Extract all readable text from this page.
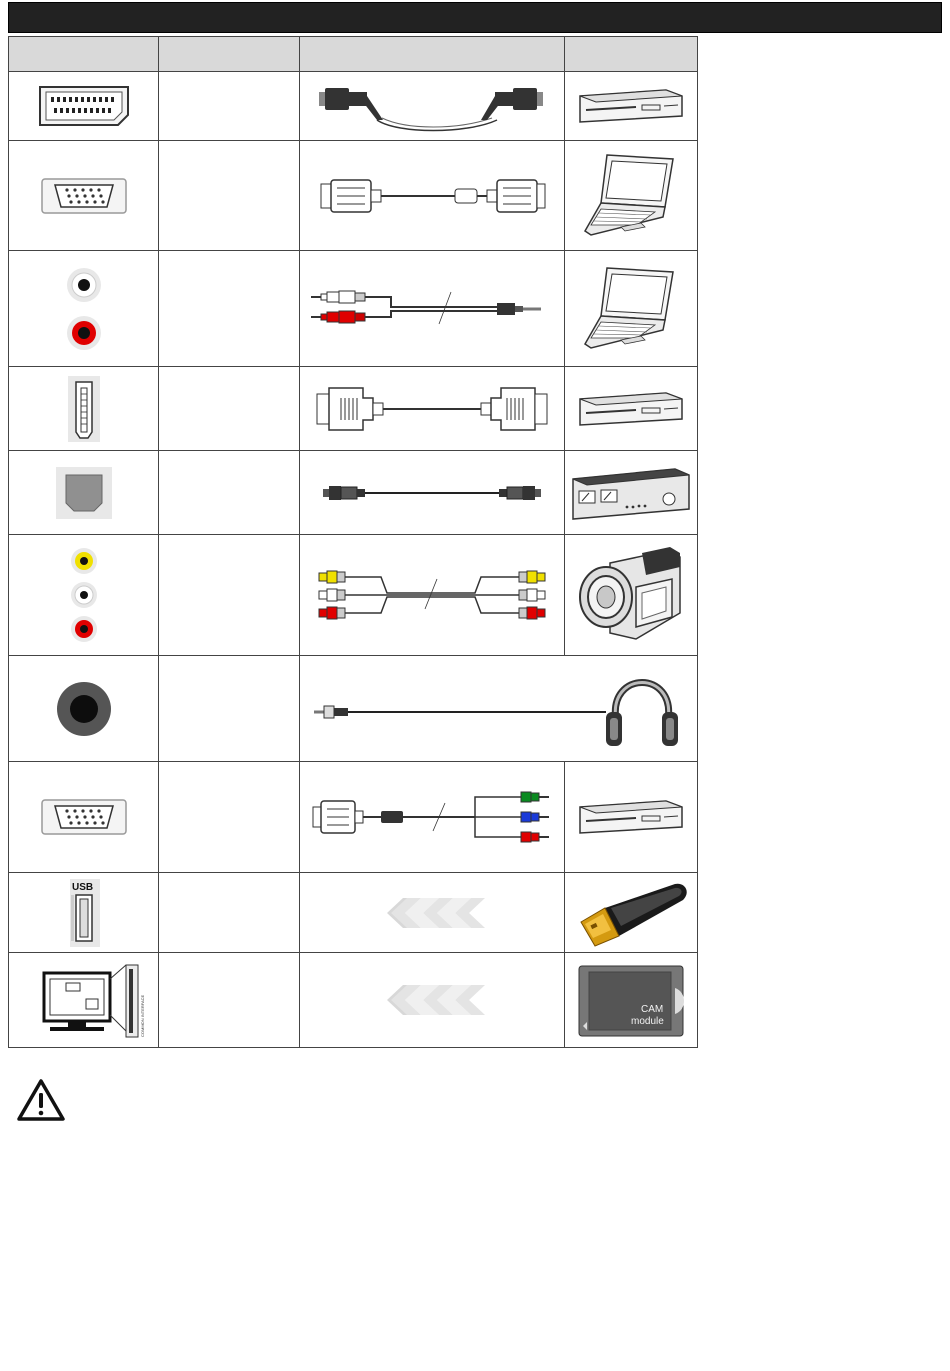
USB

COMMON INTERFACE			CAM
module
